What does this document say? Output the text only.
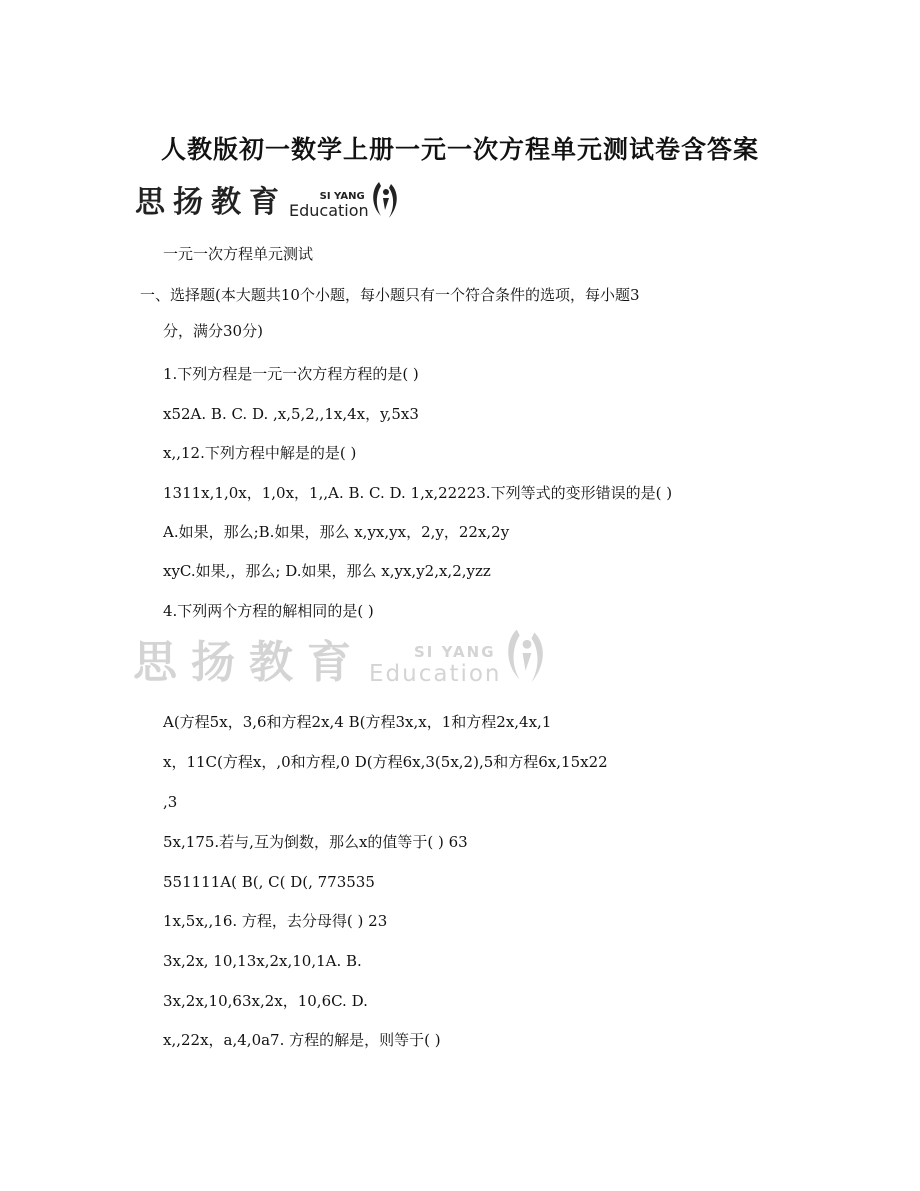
人教版初一数学上册一元一次方程单元测试卷含答案
思扬教育	SI YANG
Education
一元一次方程单元测试
一、选择题(本大题共10个小题，每小题只有一个符合条件的选项，每小题3
分，满分30分)
1.下列方程是一元一次方程方程的是( )
x52A. B. C. D. ,x,5,2,,1x,4x，y,5x3
x,,12.下列方程中解是的是( )
1311x,1,0x，1,0x，1,,A. B. C. D. 1,x,22223.下列等式的变形错误的是( )
A.如果，那么;B.如果，那么 x,yx,yx，2,y，22x,2y
xyC.如果,，那么; D.如果，那么 x,yx,y2,x,2,yzz
4.下列两个方程的解相同的是( )
思扬教育	SI YANG
Education
A(方程5x，3,6和方程2x,4 B(方程3x,x，1和方程2x,4x,1
x，11C(方程x，,0和方程,0 D(方程6x,3(5x,2),5和方程6x,15x22
,3
5x,175.若与,互为倒数，那么x的值等于( ) 63
551111A( B(, C( D(, 773535
1x,5x,,16. 方程，去分母得( ) 23
3x,2x, 10,13x,2x,10,1A. B.
3x,2x,10,63x,2x，10,6C. D.
x,,22x，a,4,0a7. 方程的解是，则等于( )
